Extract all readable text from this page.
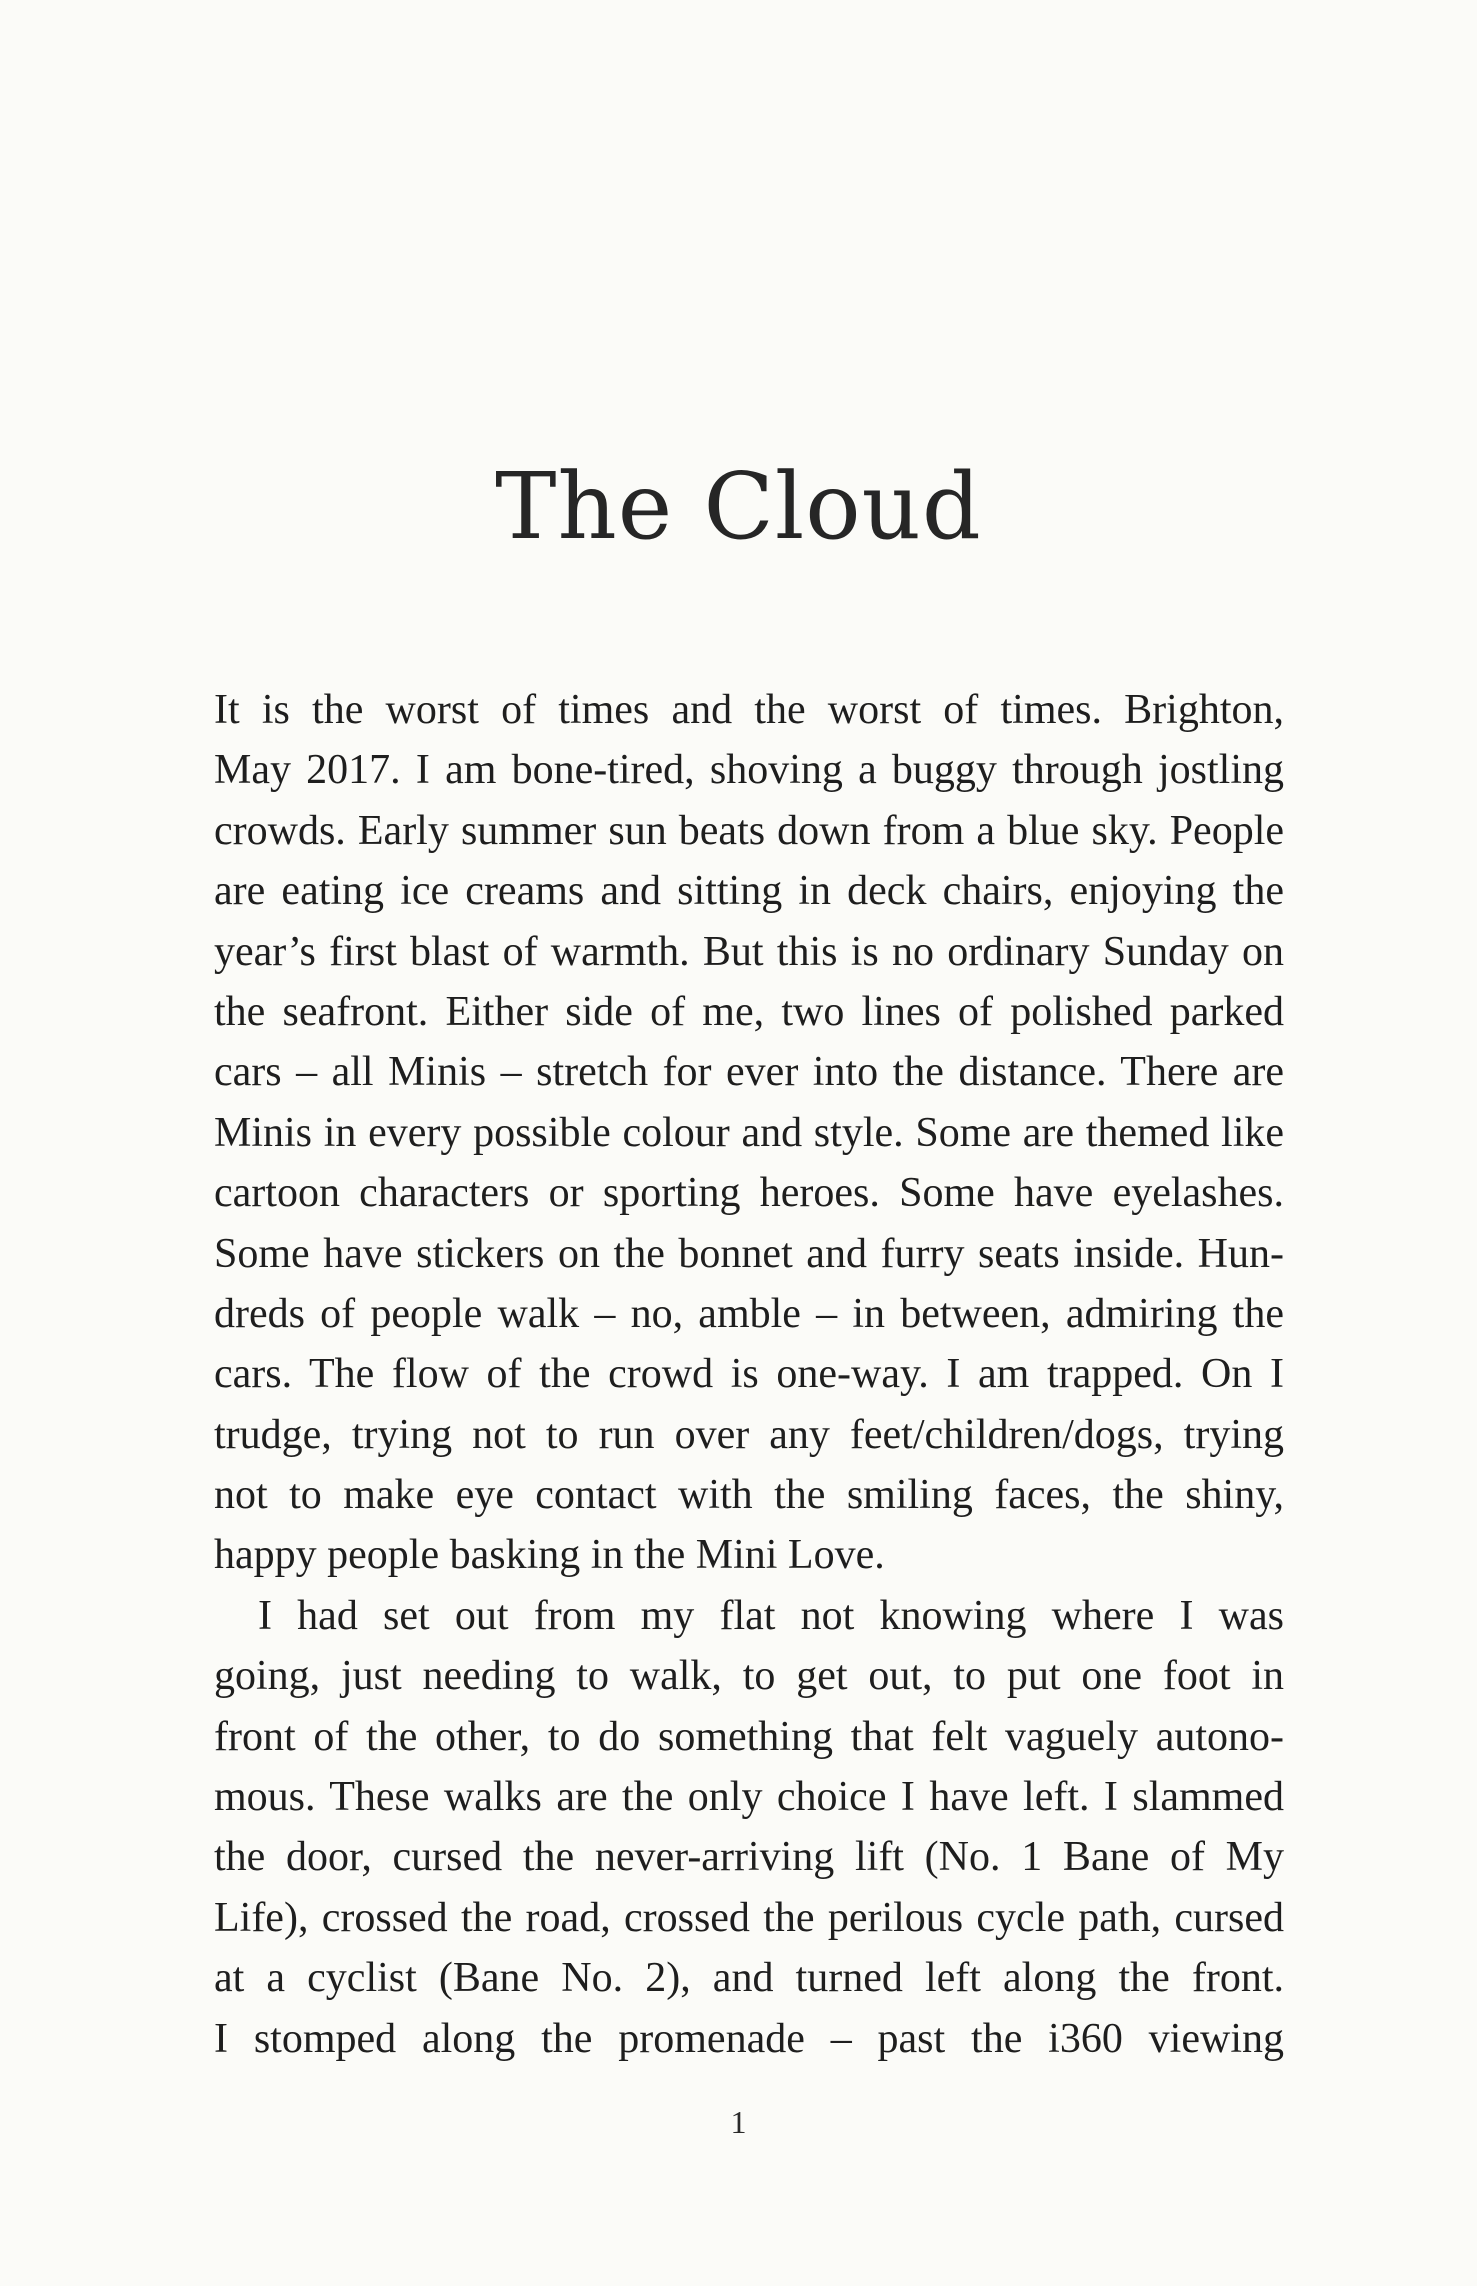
The Cloud
It is the worst of times and the worst of times. Brighton,
May 2017. I am bone-tired, shoving a buggy through jostling
crowds. Early summer sun beats down from a blue sky. People
are eating ice creams and sitting in deck chairs, enjoying the
year’s first blast of warmth. But this is no ordinary Sunday on
the seafront. Either side of me, two lines of polished parked
cars – all Minis – stretch for ever into the distance. There are
Minis in every possible colour and style. Some are themed like
cartoon characters or sporting heroes. Some have eyelashes.
Some have stickers on the bonnet and furry seats inside. Hun-
dreds of people walk – no, amble – in between, admiring the
cars. The flow of the crowd is one-way. I am trapped. On I
trudge, trying not to run over any feet/children/dogs, trying
not to make eye contact with the smiling faces, the shiny,
happy people basking in the Mini Love.
I had set out from my flat not knowing where I was
going, just needing to walk, to get out, to put one foot in
front of the other, to do something that felt vaguely autono-
mous. These walks are the only choice I have left. I slammed
the door, cursed the never-arriving lift (No. 1 Bane of My
Life), crossed the road, crossed the perilous cycle path, cursed
at a cyclist (Bane No. 2), and turned left along the front.
I stomped along the promenade – past the i360 viewing
1
